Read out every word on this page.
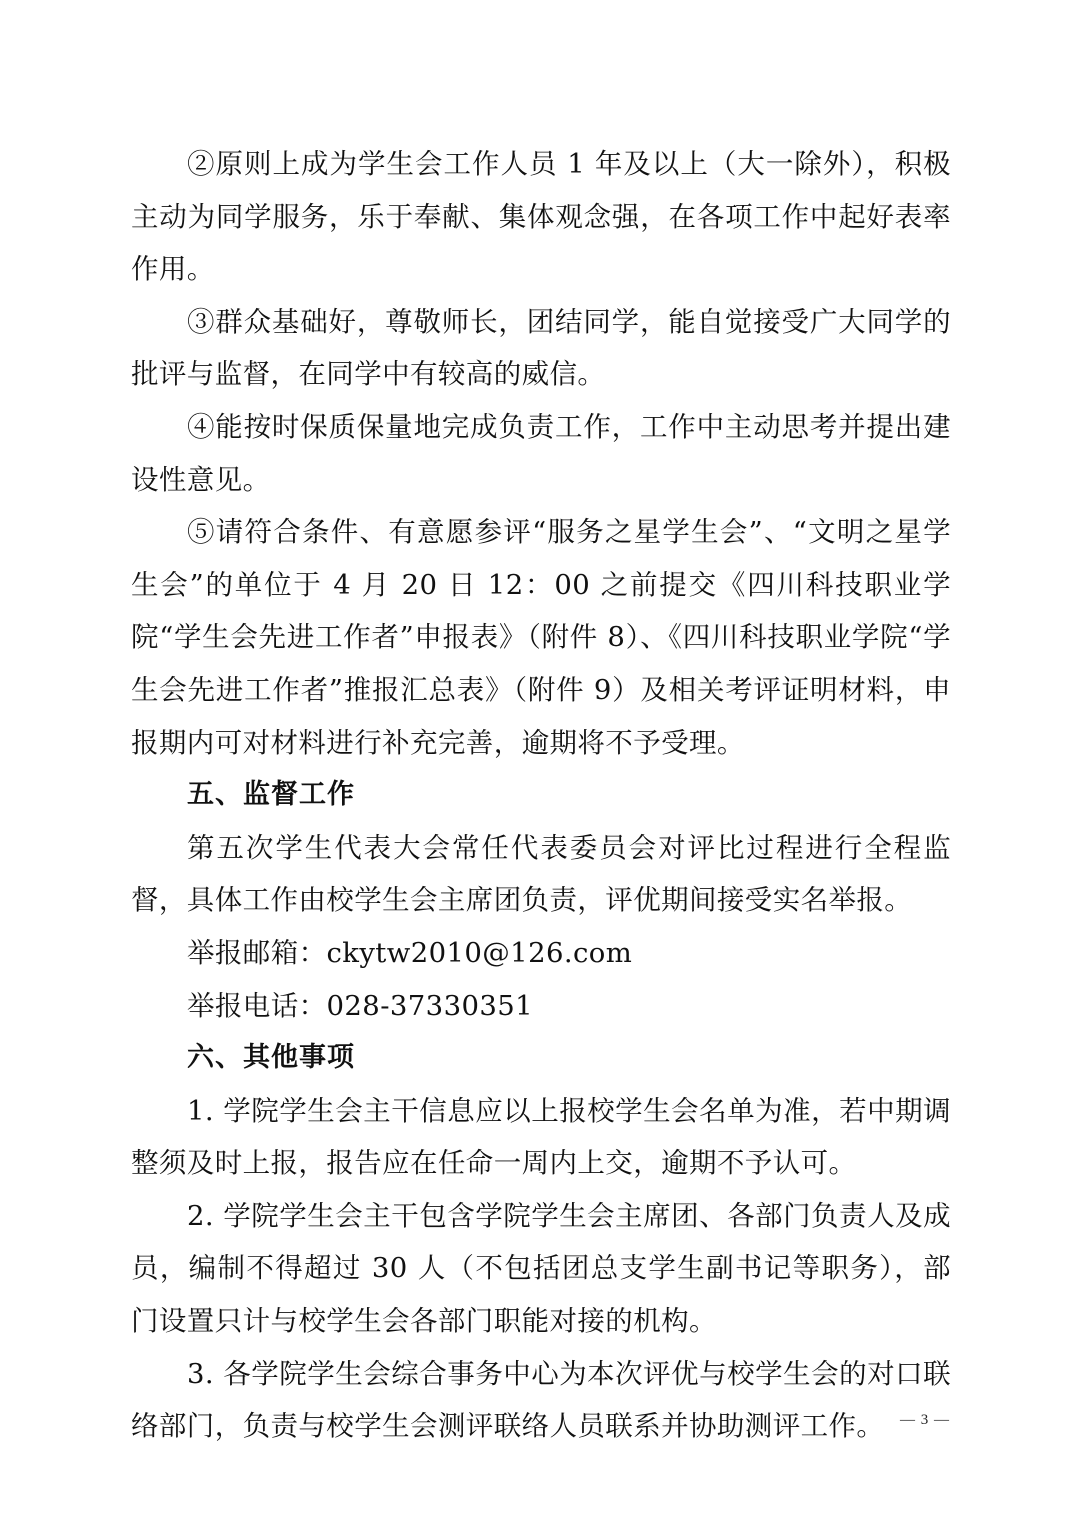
②原则上成为学生会工作人员 1 年及以上（大一除外），积极主动为同学服务，乐于奉献、集体观念强，在各项工作中起好表率作用。

③群众基础好，尊敬师长，团结同学，能自觉接受广大同学的批评与监督，在同学中有较高的威信。

④能按时保质保量地完成负责工作，工作中主动思考并提出建设性意见。

⑤请符合条件、有意愿参评“服务之星学生会”、“文明之星学生会”的单位于 4 月 20 日 12：00 之前提交《四川科技职业学院“学生会先进工作者”申报表》（附件 8）、《四川科技职业学院“学生会先进工作者”推报汇总表》（附件 9）及相关考评证明材料，申报期内可对材料进行补充完善，逾期将不予受理。

五、监督工作

第五次学生代表大会常任代表委员会对评比过程进行全程监督，具体工作由校学生会主席团负责，评优期间接受实名举报。

举报邮箱：ckytw2010@126.com

举报电话：028-37330351

六、其他事项

1. 学院学生会主干信息应以上报校学生会名单为准，若中期调整须及时上报，报告应在任命一周内上交，逾期不予认可。

2. 学院学生会主干包含学院学生会主席团、各部门负责人及成员，编制不得超过 30 人（不包括团总支学生副书记等职务），部门设置只计与校学生会各部门职能对接的机构。

3. 各学院学生会综合事务中心为本次评优与校学生会的对口联络部门，负责与校学生会测评联络人员联系并协助测评工作。	— 3 —
